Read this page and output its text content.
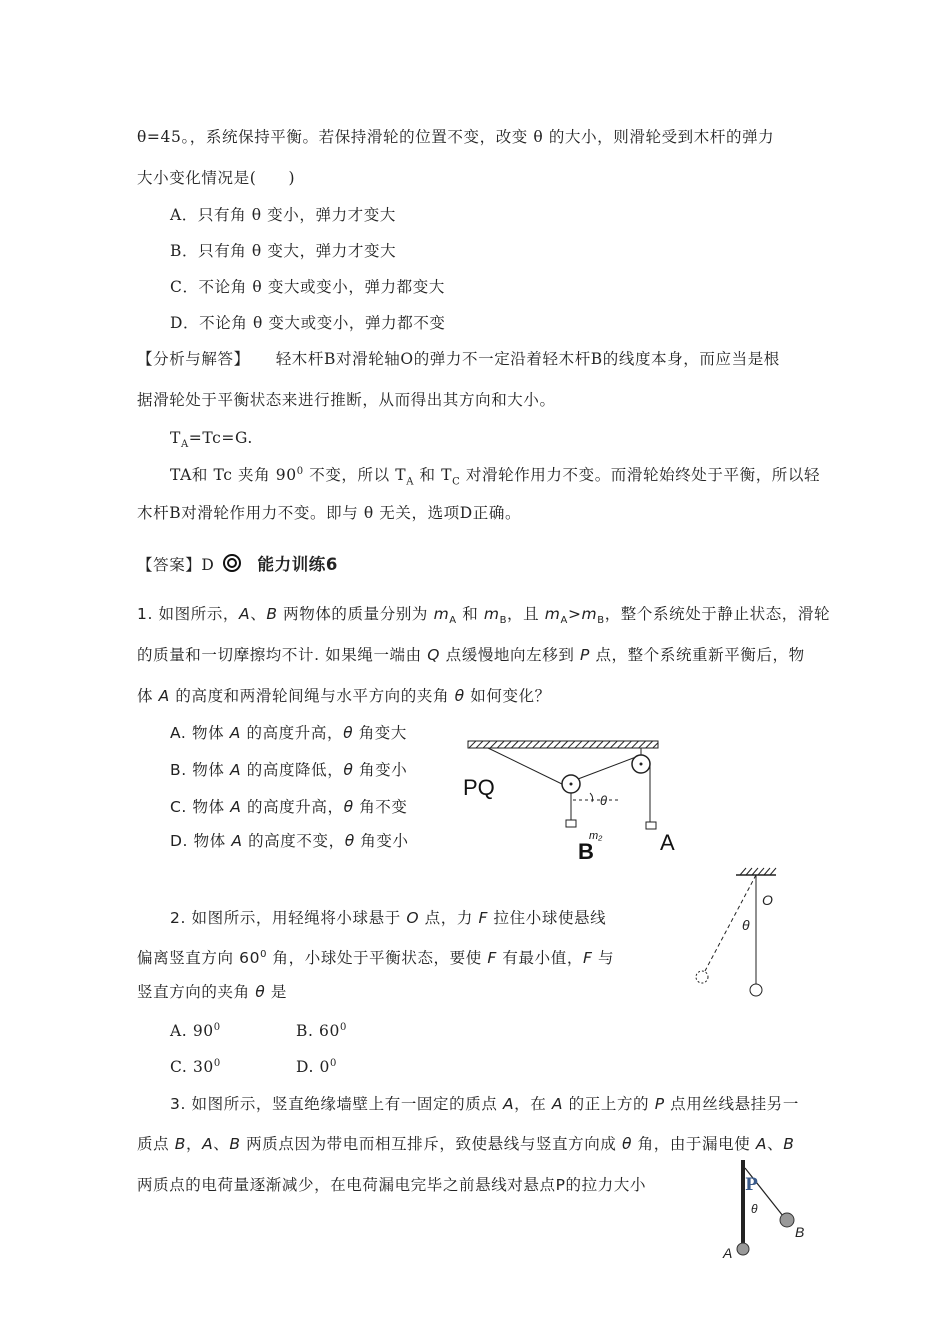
θ=45。，系统保持平衡。若保持滑轮的位置不变，改变 θ 的大小，则滑轮受到木杆的弹力
大小变化情况是(　　)
A．只有角 θ 变小，弹力才变大
B．只有角 θ 变大，弹力才变大
C．不论角 θ 变大或变小，弹力都变大
D．不论角 θ 变大或变小，弹力都不变
【分析与解答】 轻木杆B对滑轮轴O的弹力不一定沿着轻木杆B的线度本身，而应当是根
据滑轮处于平衡状态来进行推断，从而得出其方向和大小。
$T_A=Tc=G$.
TA和 Tc 夹角 $90^0$ 不变，所以 $T_A$ 和 $T_C$ 对滑轮作用力不变。而滑轮始终处于平衡，所以轻
木杆B对滑轮作用力不变。即与 θ 无关，选项D正确。
【答案】D	能力训练6
1. 如图所示，A、B 两物体的质量分别为 $m_A$ 和 $m_B$，且 $m_A>m_B$，整个系统处于静止状态，滑轮
的质量和一切摩擦均不计. 如果绳一端由 Q 点缓慢地向左移到 P 点，整个系统重新平衡后，物
体 A 的高度和两滑轮间绳与水平方向的夹角 θ 如何变化？
A. 物体 A 的高度升高，θ 角变大
B. 物体 A 的高度降低，θ 角变小
C. 物体 A 的高度升高，θ 角不变
D. 物体 A 的高度不变，θ 角变小
θ
PQ
m₂
B	A
2. 如图所示，用轻绳将小球悬于 O 点，力 F 拉住小球使悬线
偏离竖直方向 $60^0$ 角，小球处于平衡状态，要使 F 有最小值，F 与
竖直方向的夹角 θ 是
A. $90^0$	B. $60^0$
C. $30^0$	D. $0^0$
O
θ
3. 如图所示，竖直绝缘墙壁上有一固定的质点 A，在 A 的正上方的 P 点用丝线悬挂另一
质点 B，A、B 两质点因为带电而相互排斥，致使悬线与竖直方向成 θ 角，由于漏电使 A、B
两质点的电荷量逐渐减少，在电荷漏电完毕之前悬线对悬点P的拉力大小	P
θ
A
B
